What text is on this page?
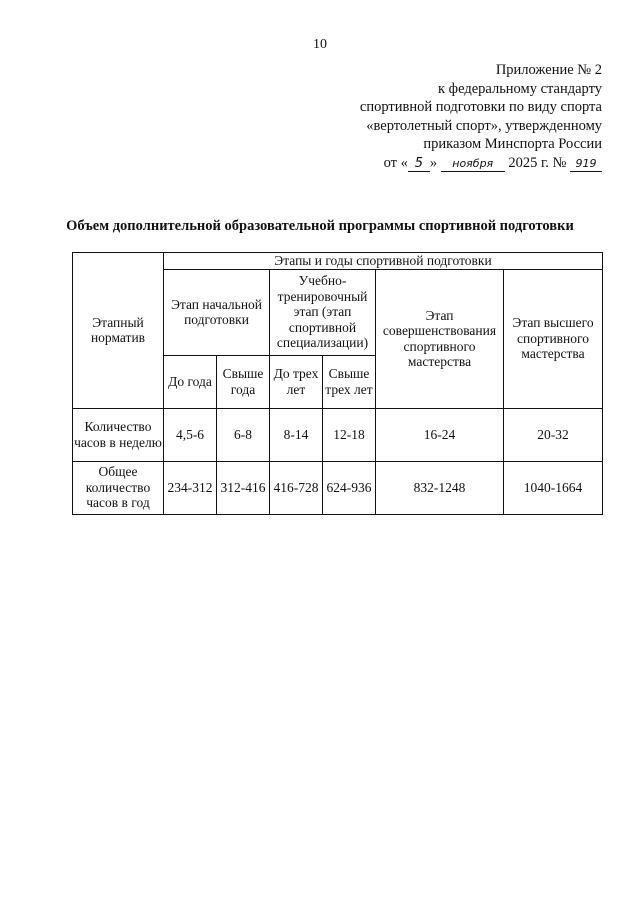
10
Приложение № 2
к федеральному стандарту
спортивной подготовки по виду спорта
«вертолетный спорт», утвержденному
приказом Минспорта России
от « 5 » ноября 2025 г. № 919
Объем дополнительной образовательной программы спортивной подготовки
Этапный норматив	Этапы и годы спортивной подготовки					
	Этап начальной подготовки		Учебно-тренировочный этап (этап спортивной специализации)		Этап совершенствования спортивного мастерства	Этап высшего спортивного мастерства
	До года	Свыше года	До трех лет	Свыше трех лет		
Количество часов в неделю	4,5-6	6-8	8-14	12-18	16-24	20-32
Общее количество часов в год	234-312	312-416	416-728	624-936	832-1248	1040-1664
